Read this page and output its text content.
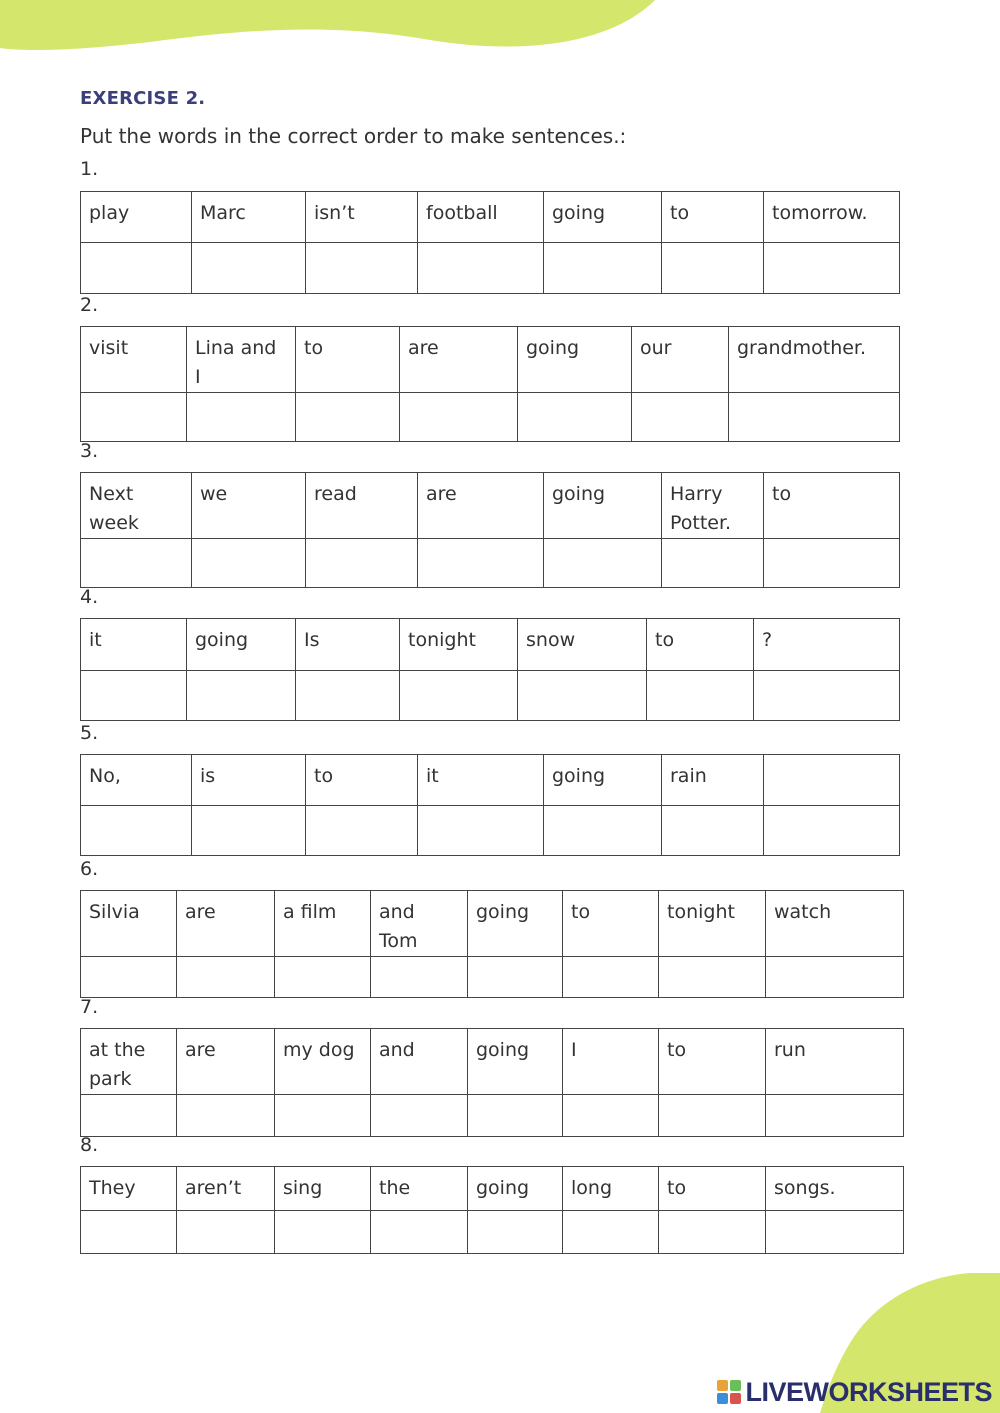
EXERCISE 2.
Put the words in the correct order to make sentences.:
1.
play	Marc	isn’t	football	going	to	tomorrow.

2.
visit	Lina and I	to	are	going	our	grandmother.

3.
Next week	we	read	are	going	Harry Potter.	to

4.
it	going	Is	tonight	snow	to	?

5.
No,	is	to	it	going	rain	

6.
Silvia	are	a film	and Tom	going	to	tonight	watch

7.
at the park	are	my dog	and	going	I	to	run

8.
They	aren’t	sing	the	going	long	to	songs.

LIVEWORKSHEETS
